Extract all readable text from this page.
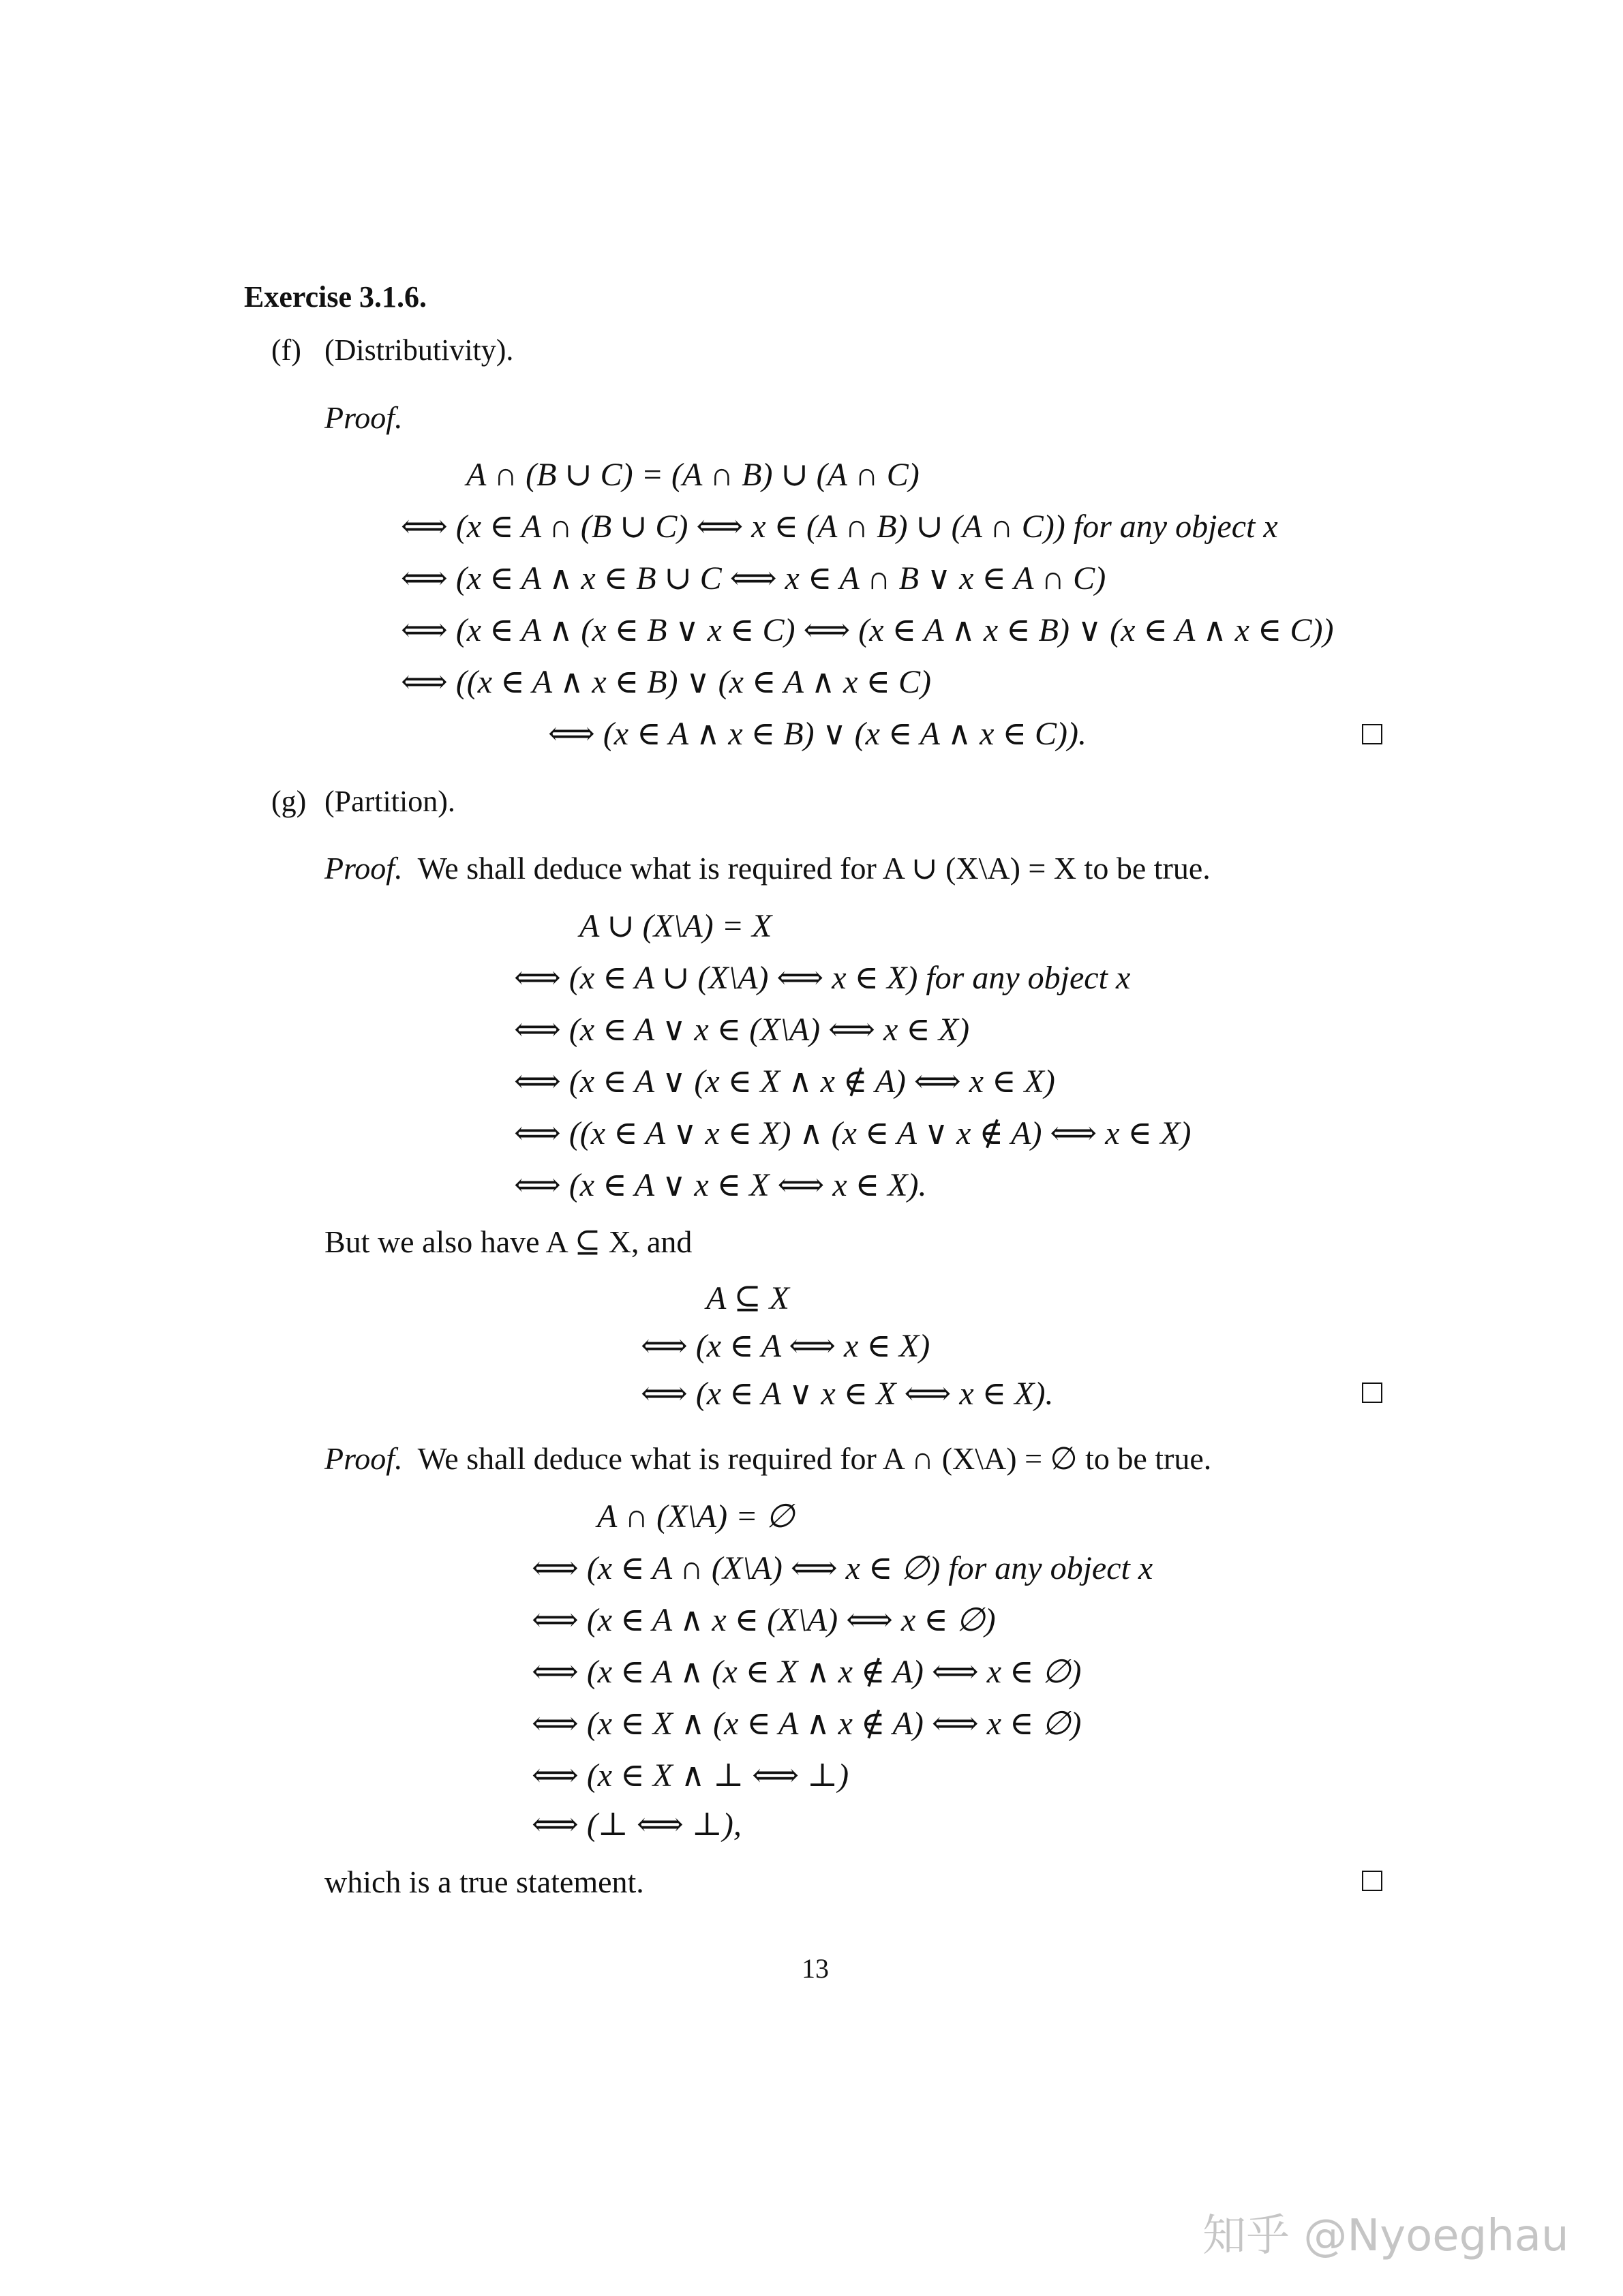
Exercise 3.1.6.
(f) (Distributivity).
Proof.
A ∩ (B ∪ C) = (A ∩ B) ∪ (A ∩ C)
⟺ (x ∈ A ∩ (B ∪ C) ⟺ x ∈ (A ∩ B) ∪ (A ∩ C)) for any object x
⟺ (x ∈ A ∧ x ∈ B ∪ C ⟺ x ∈ A ∩ B ∨ x ∈ A ∩ C)
⟺ (x ∈ A ∧ (x ∈ B ∨ x ∈ C) ⟺ (x ∈ A ∧ x ∈ B) ∨ (x ∈ A ∧ x ∈ C))
⟺ ((x ∈ A ∧ x ∈ B) ∨ (x ∈ A ∧ x ∈ C)
⟺ (x ∈ A ∧ x ∈ B) ∨ (x ∈ A ∧ x ∈ C)).
(g) (Partition).
Proof. We shall deduce what is required for A ∪ (X\A) = X to be true.
A ∪ (X\A) = X
⟺ (x ∈ A ∪ (X\A) ⟺ x ∈ X) for any object x
⟺ (x ∈ A ∨ x ∈ (X\A) ⟺ x ∈ X)
⟺ (x ∈ A ∨ (x ∈ X ∧ x ∉ A) ⟺ x ∈ X)
⟺ ((x ∈ A ∨ x ∈ X) ∧ (x ∈ A ∨ x ∉ A) ⟺ x ∈ X)
⟺ (x ∈ A ∨ x ∈ X ⟺ x ∈ X).
But we also have A ⊆ X, and
A ⊆ X
⟺ (x ∈ A ⟺ x ∈ X)
⟺ (x ∈ A ∨ x ∈ X ⟺ x ∈ X).
Proof. We shall deduce what is required for A ∩ (X\A) = ∅ to be true.
A ∩ (X\A) = ∅
⟺ (x ∈ A ∩ (X\A) ⟺ x ∈ ∅) for any object x
⟺ (x ∈ A ∧ x ∈ (X\A) ⟺ x ∈ ∅)
⟺ (x ∈ A ∧ (x ∈ X ∧ x ∉ A) ⟺ x ∈ ∅)
⟺ (x ∈ X ∧ (x ∈ A ∧ x ∉ A) ⟺ x ∈ ∅)
⟺ (x ∈ X ∧ ⊥ ⟺ ⊥)
⟺ (⊥ ⟺ ⊥),
which is a true statement.
13
知乎 @Nyoeghau
